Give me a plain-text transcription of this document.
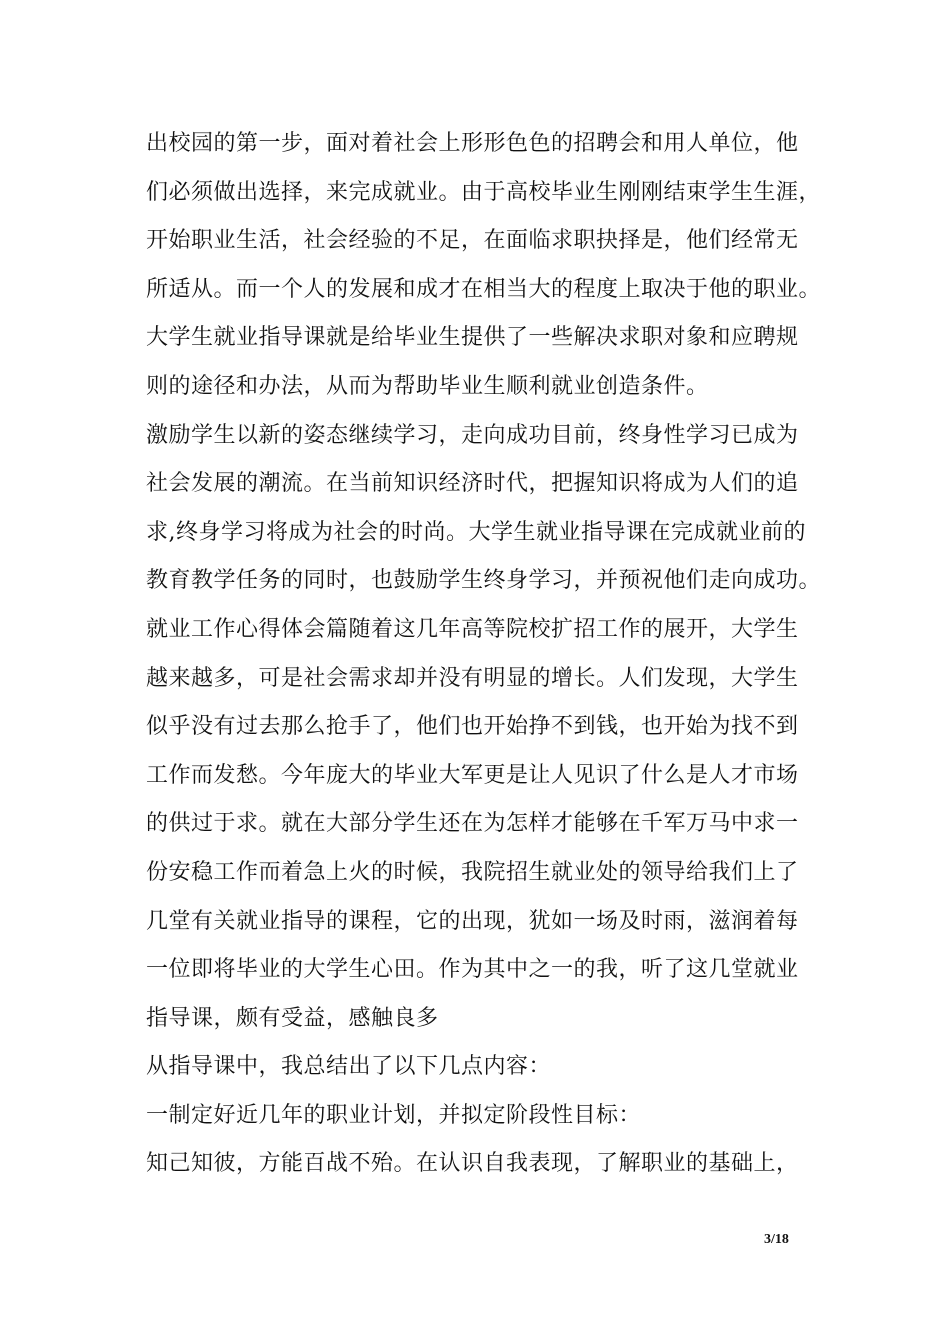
出校园的第一步，面对着社会上形形色色的招聘会和用人单位，他
们必须做出选择，来完成就业。由于高校毕业生刚刚结束学生生涯，
开始职业生活，社会经验的不足，在面临求职抉择是，他们经常无
所适从。而一个人的发展和成才在相当大的程度上取决于他的职业。
大学生就业指导课就是给毕业生提供了一些解决求职对象和应聘规
则的途径和办法，从而为帮助毕业生顺利就业创造条件。
激励学生以新的姿态继续学习，走向成功目前，终身性学习已成为
社会发展的潮流。在当前知识经济时代，把握知识将成为人们的追
求,终身学习将成为社会的时尚。大学生就业指导课在完成就业前的
教育教学任务的同时，也鼓励学生终身学习，并预祝他们走向成功。
就业工作心得体会篇随着这几年高等院校扩招工作的展开，大学生
越来越多，可是社会需求却并没有明显的增长。人们发现，大学生
似乎没有过去那么抢手了，他们也开始挣不到钱，也开始为找不到
工作而发愁。今年庞大的毕业大军更是让人见识了什么是人才市场
的供过于求。就在大部分学生还在为怎样才能够在千军万马中求一
份安稳工作而着急上火的时候，我院招生就业处的领导给我们上了
几堂有关就业指导的课程，它的出现，犹如一场及时雨，滋润着每
一位即将毕业的大学生心田。作为其中之一的我，听了这几堂就业
指导课，颇有受益，感触良多
从指导课中，我总结出了以下几点内容：
一制定好近几年的职业计划，并拟定阶段性目标：
知己知彼，方能百战不殆。在认识自我表现，了解职业的基础上，
3/18
